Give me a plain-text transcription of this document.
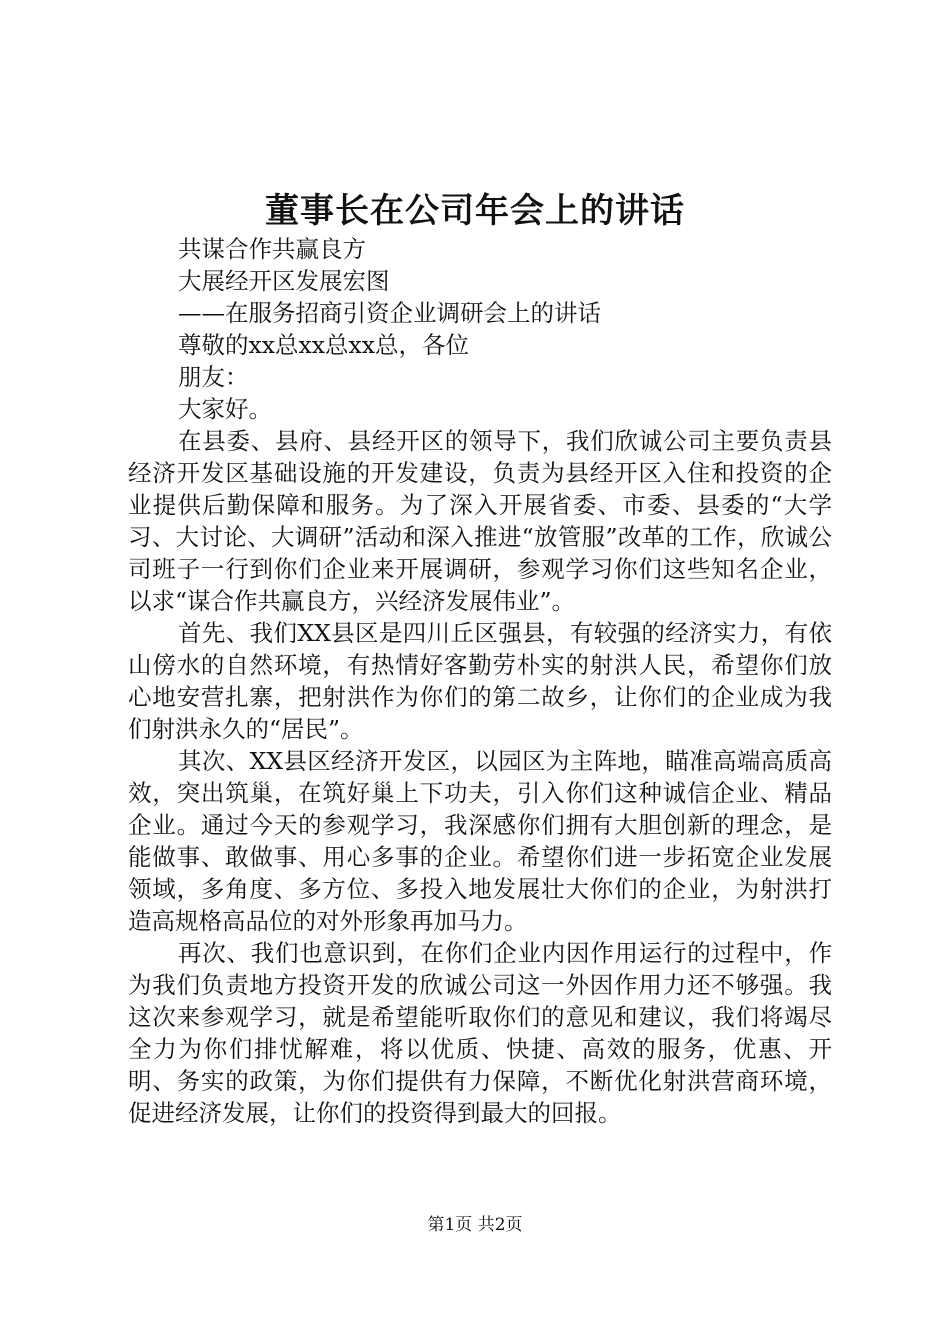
董事长在公司年会上的讲话
共谋合作共赢良方
大展经开区发展宏图
——在服务招商引资企业调研会上的讲话
尊敬的xx总xx总xx总，各位
朋友：
大家好。

在县委、县府、县经开区的领导下，我们欣诚公司主要负责县经济开发区基础设施的开发建设，负责为县经开区入住和投资的企业提供后勤保障和服务。为了深入开展省委、市委、县委的“大学习、大讨论、大调研”活动和深入推进“放管服”改革的工作，欣诚公司班子一行到你们企业来开展调研，参观学习你们这些知名企业，以求“谋合作共赢良方，兴经济发展伟业”。

首先、我们XX县区是四川丘区强县，有较强的经济实力，有依山傍水的自然环境，有热情好客勤劳朴实的射洪人民，希望你们放心地安营扎寨，把射洪作为你们的第二故乡，让你们的企业成为我们射洪永久的“居民”。

其次、XX县区经济开发区，以园区为主阵地，瞄准高端高质高效，突出筑巢，在筑好巢上下功夫，引入你们这种诚信企业、精品企业。通过今天的参观学习，我深感你们拥有大胆创新的理念，是能做事、敢做事、用心多事的企业。希望你们进一步拓宽企业发展领域，多角度、多方位、多投入地发展壮大你们的企业，为射洪打造高规格高品位的对外形象再加马力。

再次、我们也意识到，在你们企业内因作用运行的过程中，作为我们负责地方投资开发的欣诚公司这一外因作用力还不够强。我这次来参观学习，就是希望能听取你们的意见和建议，我们将竭尽全力为你们排忧解难，将以优质、快捷、高效的服务，优惠、开明、务实的政策，为你们提供有力保障，不断优化射洪营商环境，促进经济发展，让你们的投资得到最大的回报。

第1页 共2页
